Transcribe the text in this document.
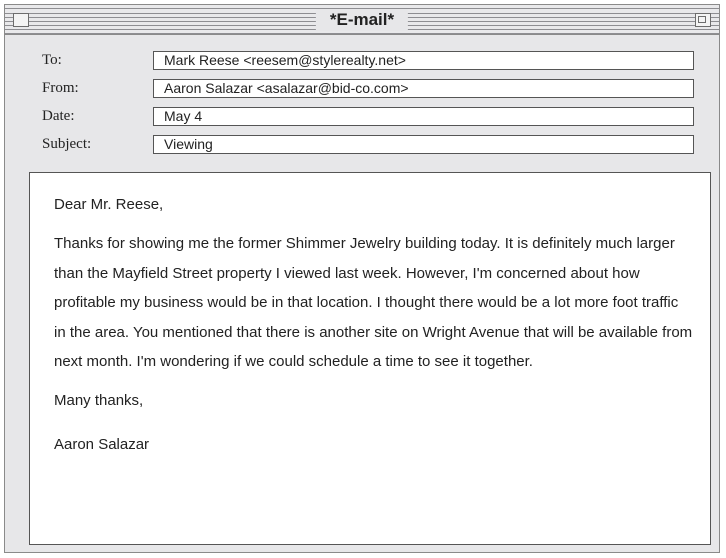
*E-mail*
To:	Mark Reese <reesem@stylerealty.net>
From:	Aaron Salazar <asalazar@bid-co.com>
Date:	May 4
Subject:	Viewing

Dear Mr. Reese,

Thanks for showing me the former Shimmer Jewelry building today. It is definitely much larger than the Mayfield Street property I viewed last week. However, I'm concerned about how profitable my business would be in that location. I thought there would be a lot more foot traffic in the area. You mentioned that there is another site on Wright Avenue that will be available from next month. I'm wondering if we could schedule a time to see it together.

Many thanks,

Aaron Salazar
